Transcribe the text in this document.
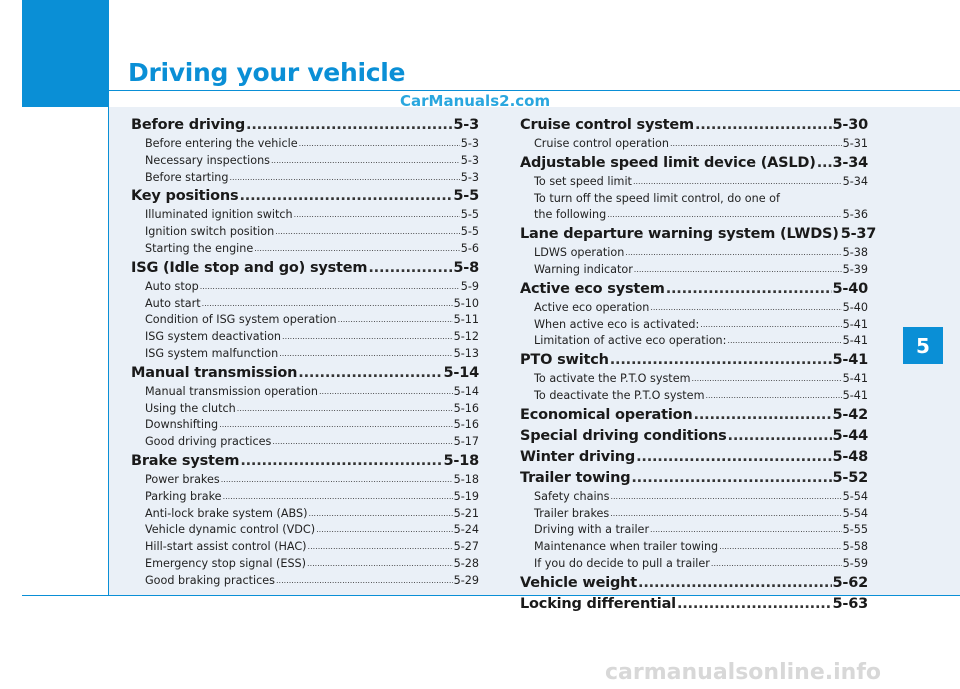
Driving your vehicle
CarManuals2.com
5
Before driving .....	5-3
Before entering the vehicle .....	5-3
Necessary inspections .....	5-3
Before starting .....	5-3
Key positions .....	5-5
Illuminated ignition switch .....	5-5
Ignition switch position .....	5-5
Starting the engine .....	5-6
ISG (Idle stop and go) system .....	5-8
Auto stop .....	5-9
Auto start .....	5-10
Condition of ISG system operation .....	5-11
ISG system deactivation .....	5-12
ISG system malfunction .....	5-13
Manual transmission .....	5-14
Manual transmission operation .....	5-14
Using the clutch .....	5-16
Downshifting .....	5-16
Good driving practices .....	5-17
Brake system .....	5-18
Power brakes .....	5-18
Parking brake .....	5-19
Anti-lock brake system (ABS) .....	5-21
Vehicle dynamic control (VDC) .....	5-24
Hill-start assist control (HAC) .....	5-27
Emergency stop signal (ESS) .....	5-28
Good braking practices .....	5-29
Cruise control system .....	5-30
Cruise control operation .....	5-31
Adjustable speed limit device (ASLD) ..... 3-34
To set speed limit .....	5-34
To turn off the speed limit control, do one of
the following .....	5-36
Lane departure warning system (LWDS) 5-37
LDWS operation .....	5-38
Warning indicator .....	5-39
Active eco system .....	5-40
Active eco operation .....	5-40
When active eco is activated: .....	5-41
Limitation of active eco operation: .....	5-41
PTO switch .....	5-41
To activate the P.T.O system .....	5-41
To deactivate the P.T.O system .....	5-41
Economical operation .....	5-42
Special driving conditions .....	5-44
Winter driving .....	5-48
Trailer towing .....	5-52
Safety chains .....	5-54
Trailer brakes .....	5-54
Driving with a trailer .....	5-55
Maintenance when trailer towing .....	5-58
If you do decide to pull a trailer .....	5-59
Vehicle weight .....	5-62
Locking differential .....	5-63
carmanualsonline.info
